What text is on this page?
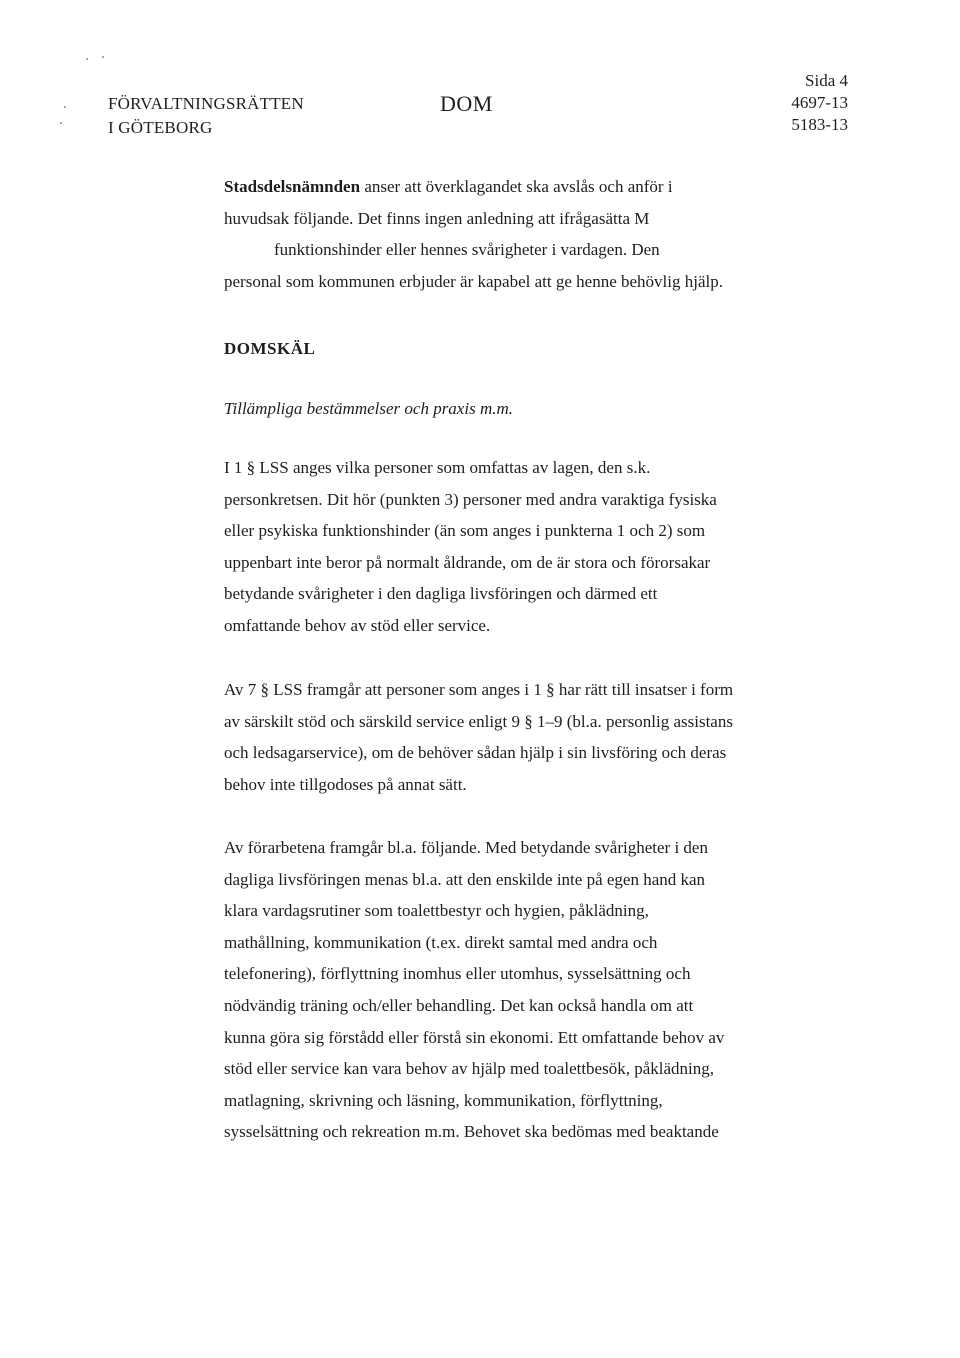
FÖRVALTNINGSRÄTTEN
I GÖTEBORG
DOM
Sida 4
4697-13
5183-13
Stadsdelsnämnden anser att överklagandet ska avslås och anför i
huvudsak följande. Det finns ingen anledning att ifrågasätta M
funktionshinder eller hennes svårigheter i vardagen. Den
personal som kommunen erbjuder är kapabel att ge henne behövlig hjälp.
DOMSKÄL
Tillämpliga bestämmelser och praxis m.m.
I 1 § LSS anges vilka personer som omfattas av lagen, den s.k.
personkretsen. Dit hör (punkten 3) personer med andra varaktiga fysiska
eller psykiska funktionshinder (än som anges i punkterna 1 och 2) som
uppenbart inte beror på normalt åldrande, om de är stora och förorsakar
betydande svårigheter i den dagliga livsföringen och därmed ett
omfattande behov av stöd eller service.
Av 7 § LSS framgår att personer som anges i 1 § har rätt till insatser i form
av särskilt stöd och särskild service enligt 9 § 1–9 (bl.a. personlig assistans
och ledsagarservice), om de behöver sådan hjälp i sin livsföring och deras
behov inte tillgodoses på annat sätt.
Av förarbetena framgår bl.a. följande. Med betydande svårigheter i den
dagliga livsföringen menas bl.a. att den enskilde inte på egen hand kan
klara vardagsrutiner som toalettbestyr och hygien, påklädning,
mathållning, kommunikation (t.ex. direkt samtal med andra och
telefonering), förflyttning inomhus eller utomhus, sysselsättning och
nödvändig träning och/eller behandling. Det kan också handla om att
kunna göra sig förstådd eller förstå sin ekonomi. Ett omfattande behov av
stöd eller service kan vara behov av hjälp med toalettbesök, påklädning,
matlagning, skrivning och läsning, kommunikation, förflyttning,
sysselsättning och rekreation m.m. Behovet ska bedömas med beaktande
